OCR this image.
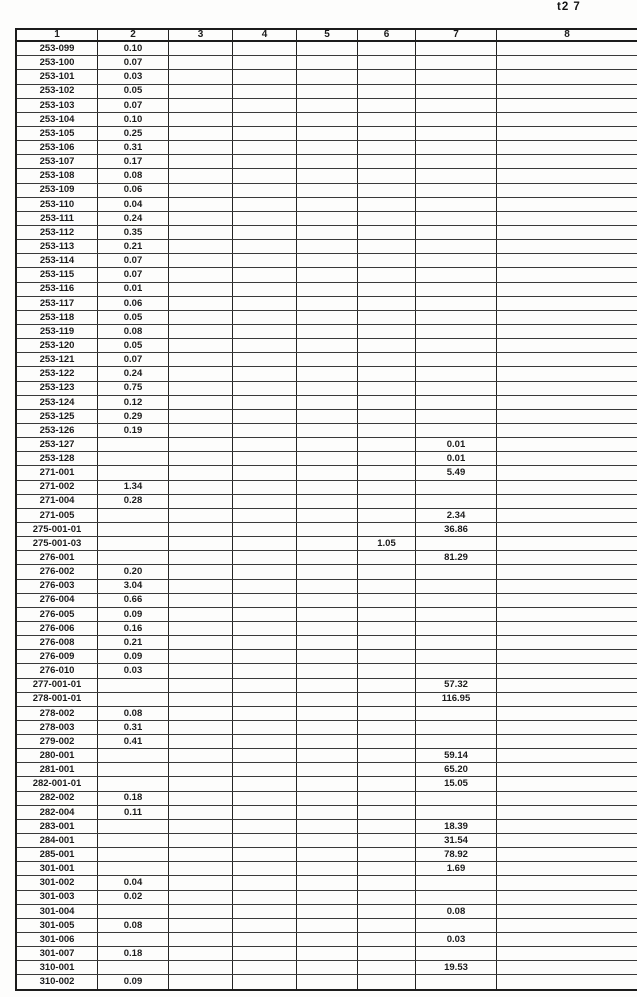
t2 7
1	2	3	4	5	6	7	8
253-099	0.10						
253-100	0.07						
253-101	0.03						
253-102	0.05						
253-103	0.07						
253-104	0.10						
253-105	0.25						
253-106	0.31						
253-107	0.17						
253-108	0.08						
253-109	0.06						
253-110	0.04						
253-111	0.24						
253-112	0.35						
253-113	0.21						
253-114	0.07						
253-115	0.07						
253-116	0.01						
253-117	0.06						
253-118	0.05						
253-119	0.08						
253-120	0.05						
253-121	0.07						
253-122	0.24						
253-123	0.75						
253-124	0.12						
253-125	0.29						
253-126	0.19						
253-127						0.01	
253-128						0.01	
271-001						5.49	
271-002	1.34						
271-004	0.28						
271-005						2.34	
275-001-01						36.86	
275-001-03					1.05		
276-001						81.29	
276-002	0.20						
276-003	3.04						
276-004	0.66						
276-005	0.09						
276-006	0.16						
276-008	0.21						
276-009	0.09						
276-010	0.03						
277-001-01						57.32	
278-001-01						116.95	
278-002	0.08						
278-003	0.31						
279-002	0.41						
280-001						59.14	
281-001						65.20	
282-001-01						15.05	
282-002	0.18						
282-004	0.11						
283-001						18.39	
284-001						31.54	
285-001						78.92	
301-001						1.69	
301-002	0.04						
301-003	0.02						
301-004						0.08	
301-005	0.08						
301-006						0.03	
301-007	0.18						
310-001						19.53	
310-002	0.09						
